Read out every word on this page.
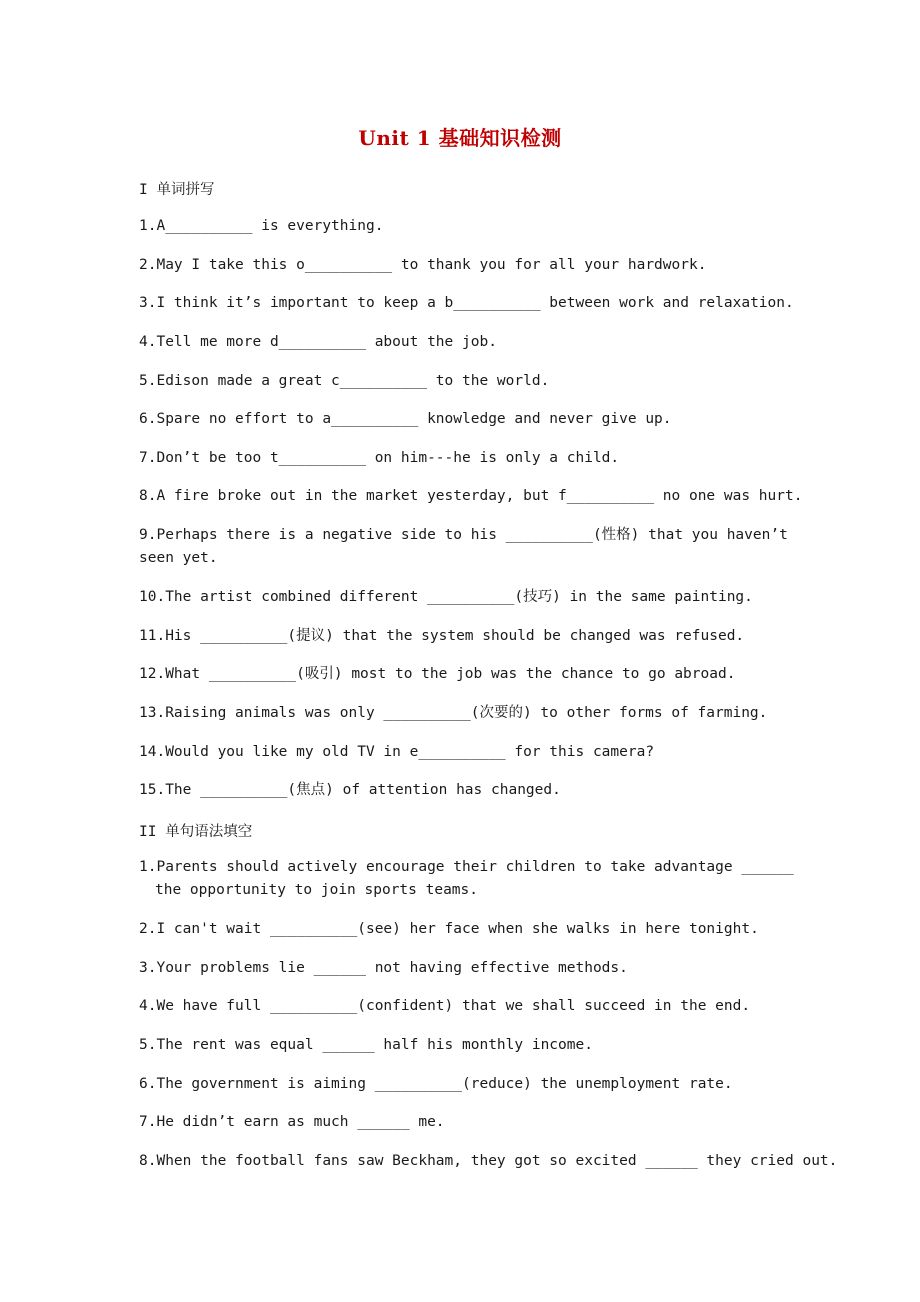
Unit 1 基础知识检测
I 单词拼写
1.A__________ is everything.
2.May I take this o__________ to thank you for all your hardwork.
3.I think it’s important to keep a b__________ between work and relaxation.
4.Tell me more d__________ about the job.
5.Edison made a great c__________ to the world.
6.Spare no effort to a__________ knowledge and never give up.
7.Don’t be too t__________ on him---he is only a child.
8.A fire broke out in the market yesterday, but f__________ no one was hurt.
9.Perhaps there is a negative side to his __________(性格) that you haven’t seen yet.
10.The artist combined different __________(技巧) in the same painting.
11.His __________(提议) that the system should be changed was refused.
12.What __________(吸引) most to the job was the chance to go abroad.
13.Raising animals was only __________(次要的) to other forms of farming.
14.Would you like my old TV in e__________ for this camera?
15.The __________(焦点) of attention has changed.
II 单句语法填空
1.Parents should actively encourage their children to take advantage ______ the opportunity to join sports teams.
2.I can't wait __________(see) her face when she walks in here tonight.
3.Your problems lie ______ not having effective methods.
4.We have full __________(confident) that we shall succeed in the end.
5.The rent was equal ______ half his monthly income.
6.The government is aiming __________(reduce) the unemployment rate.
7.He didn’t earn as much ______ me.
8.When the football fans saw Beckham, they got so excited ______ they cried out.
